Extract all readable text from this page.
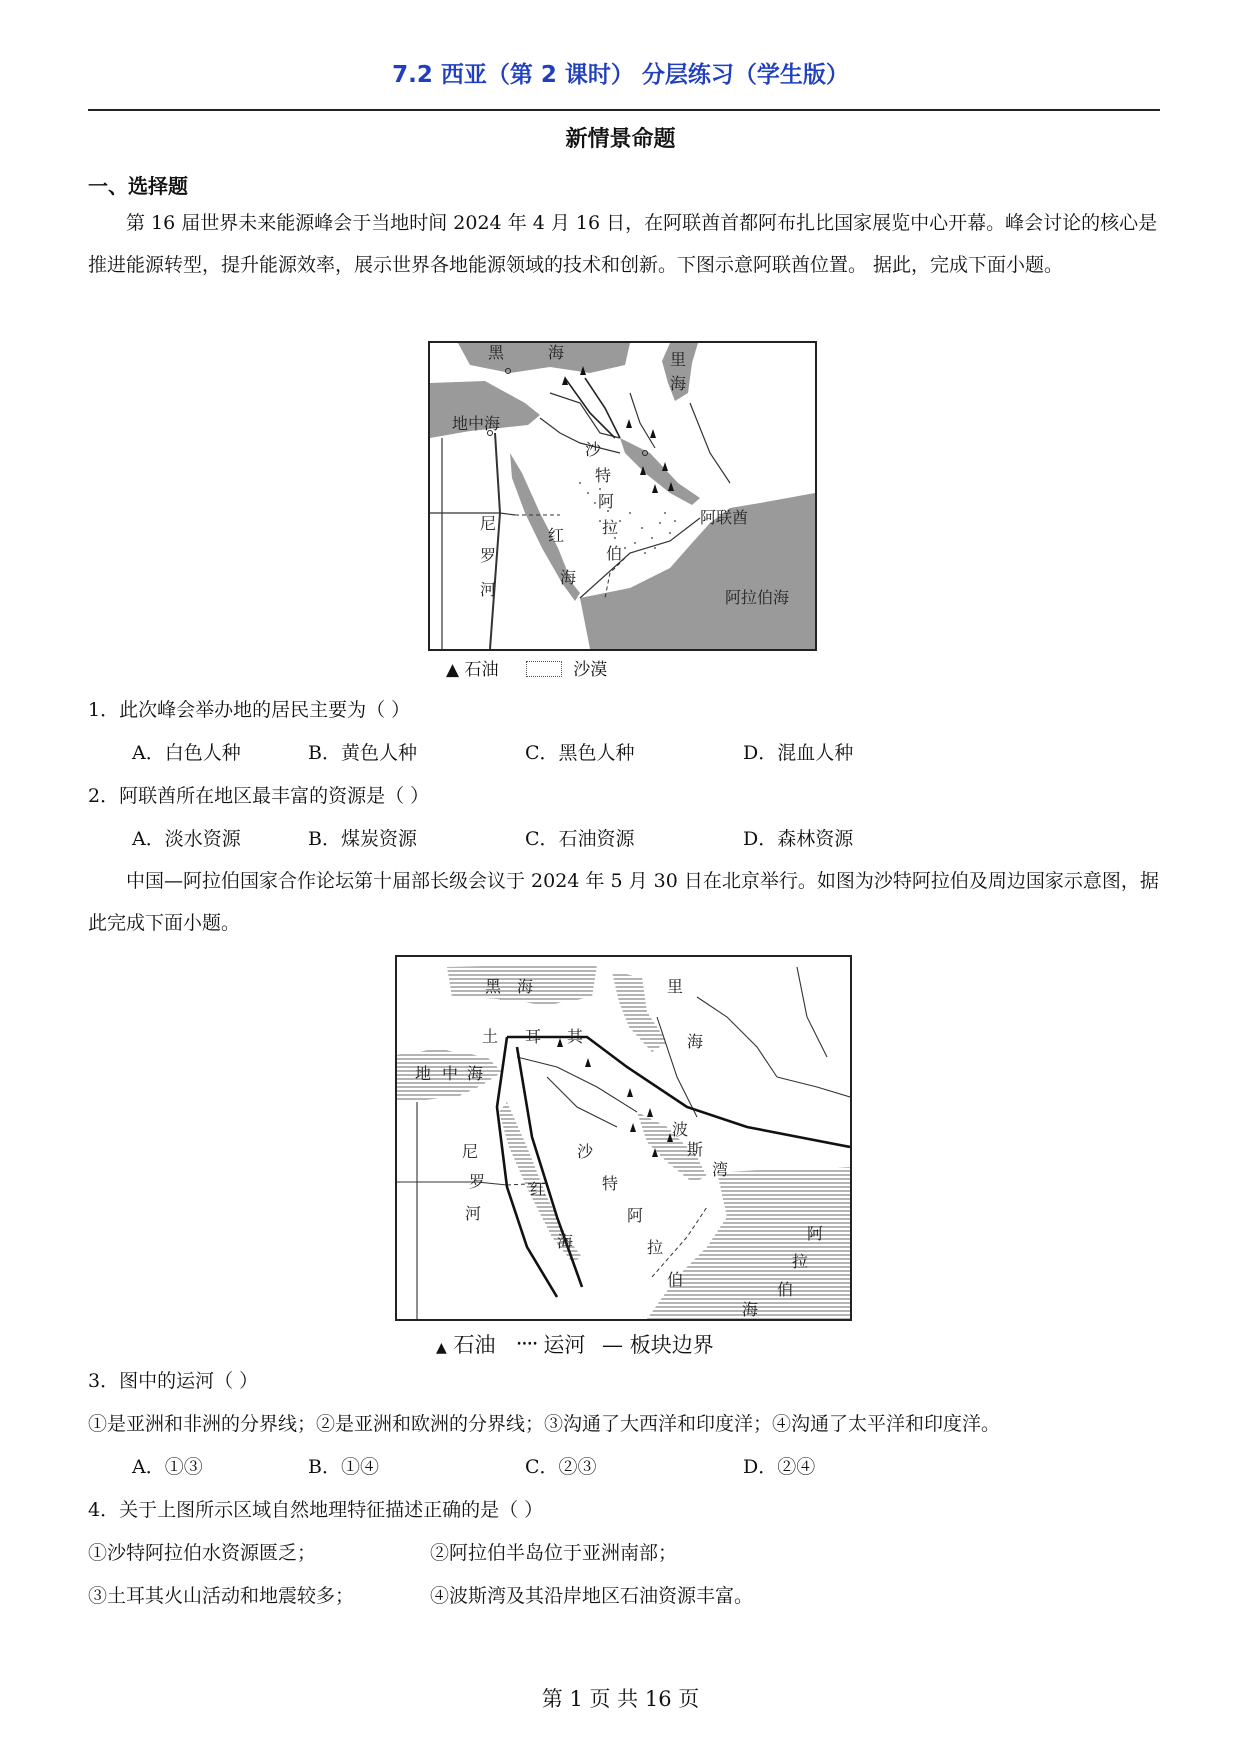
7.2 西亚（第 2 课时） 分层练习（学生版）
新情景命题
一、选择题
第 16 届世界未来能源峰会于当地时间 2024 年 4 月 16 日，在阿联酋首都阿布扎比国家展览中心开幕。峰会讨论的核心是推进能源转型，提升能源效率，展示世界各地能源领域的技术和创新。下图示意阿联酋位置。 据此，完成下面小题。
黑	海	里
海
地中海
沙
特
阿
拉
伯
尼
罗
河
红
海
阿拉伯海
阿联酋
▲ 石油	沙漠
1．此次峰会举办地的居民主要为（ ）
A．白色人种	B．黄色人种	C．黑色人种	D．混血人种
2．阿联酋所在地区最丰富的资源是（ ）
A．淡水资源	B．煤炭资源	C．石油资源	D．森林资源
中国—阿拉伯国家合作论坛第十届部长级会议于 2024 年 5 月 30 日在北京举行。如图为沙特阿拉伯及周边国家示意图，据此完成下面小题。
黑 海	里
海
土 耳 其
地 中 海
沙
特
阿
拉
伯
尼
罗
河
红
海
波
斯
湾
阿
拉
伯
海
▲ 石油 ᠁ 运河 — 板块边界
3．图中的运河（ ）
①是亚洲和非洲的分界线；②是亚洲和欧洲的分界线；③沟通了大西洋和印度洋；④沟通了太平洋和印度洋。
A．①③	B．①④	C．②③	D．②④
4．关于上图所示区域自然地理特征描述正确的是（ ）
①沙特阿拉伯水资源匮乏；	②阿拉伯半岛位于亚洲南部；
③土耳其火山活动和地震较多；	④波斯湾及其沿岸地区石油资源丰富。
第 1 页 共 16 页
